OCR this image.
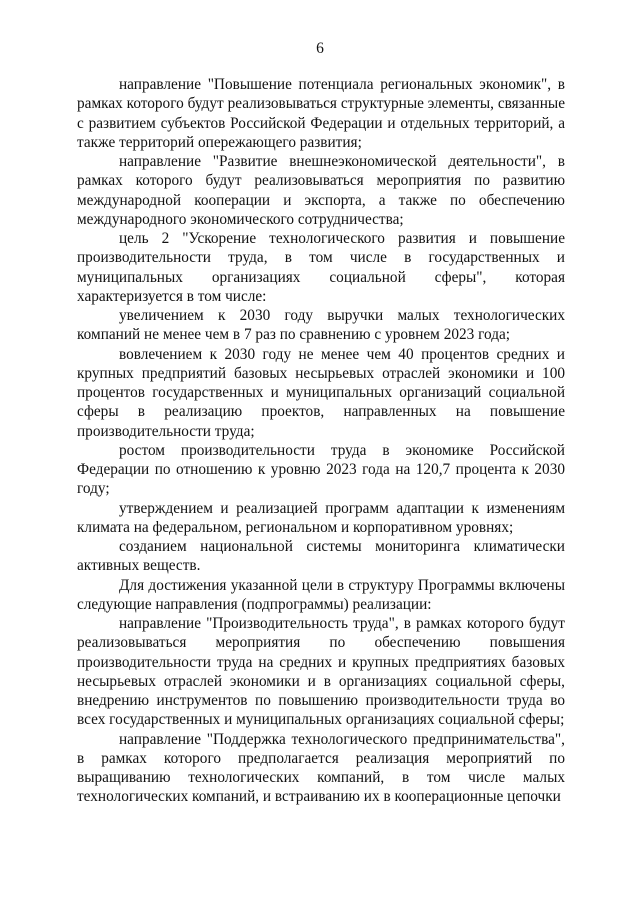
6

направление "Повышение потенциала региональных экономик", в рамках которого будут реализовываться структурные элементы, связанные с развитием субъектов Российской Федерации и отдельных территорий, а также территорий опережающего развития;

направление "Развитие внешнеэкономической деятельности", в рамках которого будут реализовываться мероприятия по развитию международной кооперации и экспорта, а также по обеспечению международного экономического сотрудничества;

цель 2 "Ускорение технологического развития и повышение производительности труда, в том числе в государственных и муниципальных организациях социальной сферы", которая характеризуется в том числе:

увеличением к 2030 году выручки малых технологических компаний не менее чем в 7 раз по сравнению с уровнем 2023 года;

вовлечением к 2030 году не менее чем 40 процентов средних и крупных предприятий базовых несырьевых отраслей экономики и 100 процентов государственных и муниципальных организаций социальной сферы в реализацию проектов, направленных на повышение производительности труда;

ростом производительности труда в экономике Российской Федерации по отношению к уровню 2023 года на 120,7 процента к 2030 году;

утверждением и реализацией программ адаптации к изменениям климата на федеральном, региональном и корпоративном уровнях;

созданием национальной системы мониторинга климатически активных веществ.

Для достижения указанной цели в структуру Программы включены следующие направления (подпрограммы) реализации:

направление "Производительность труда", в рамках которого будут реализовываться мероприятия по обеспечению повышения производительности труда на средних и крупных предприятиях базовых несырьевых отраслей экономики и в организациях социальной сферы, внедрению инструментов по повышению производительности труда во всех государственных и муниципальных организациях социальной сферы;

направление "Поддержка технологического предпринимательства", в рамках которого предполагается реализация мероприятий по выращиванию технологических компаний, в том числе малых технологических компаний, и встраиванию их в кооперационные цепочки
